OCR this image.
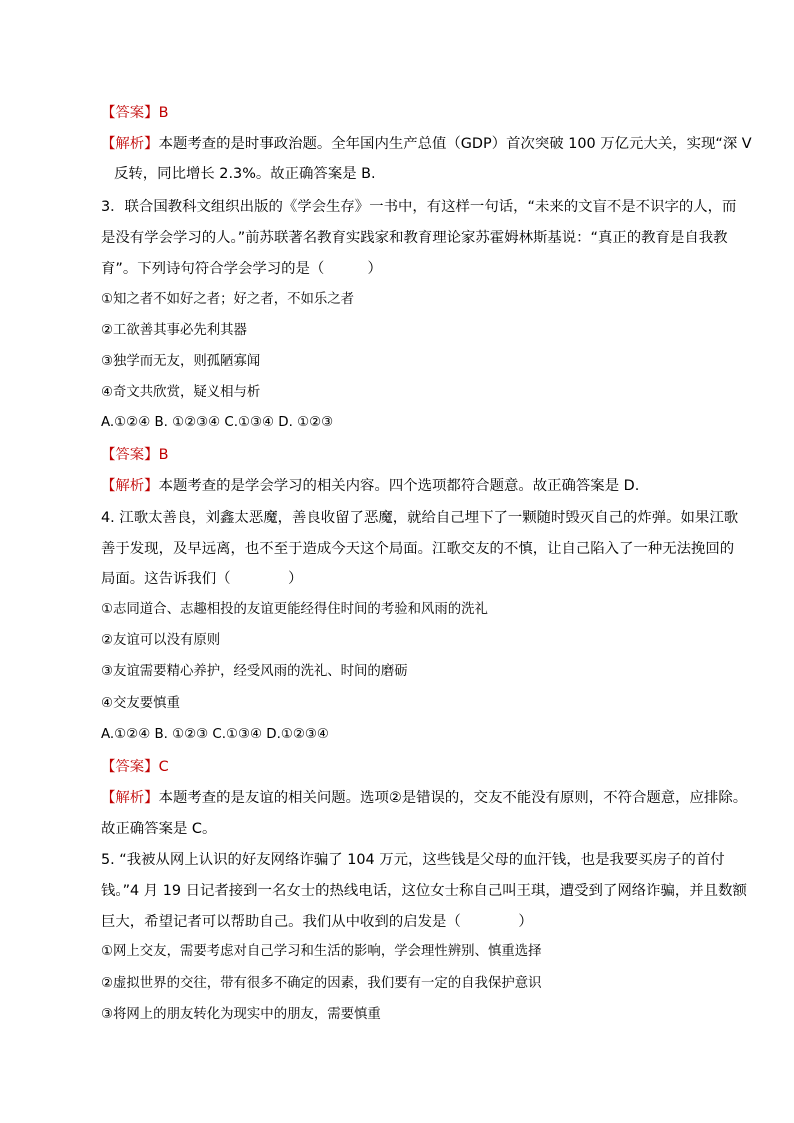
【答案】B
【解析】本题考查的是时事政治题。全年国内生产总值（GDP）首次突破 100 万亿元大关，实现“深 V
反转，同比增长 2.3%。故正确答案是 B.
3．联合国教科文组织出版的《学会生存》一书中，有这样一句话，“未来的文盲不是不识字的人，而
是没有学会学习的人。”前苏联著名教育实践家和教育理论家苏霍姆林斯基说：“真正的教育是自我教
育”。下列诗句符合学会学习的是（　　　）
①知之者不如好之者；好之者，不如乐之者
②工欲善其事必先利其器
③独学而无友，则孤陋寡闻
④奇文共欣赏，疑义相与析
A.①②④ B. ①②③④ C.①③④ D. ①②③
【答案】B
【解析】本题考查的是学会学习的相关内容。四个选项都符合题意。故正确答案是 D.
4. 江歌太善良，刘鑫太恶魔，善良收留了恶魔，就给自己埋下了一颗随时毁灭自己的炸弹。如果江歌
善于发现，及早远离，也不至于造成今天这个局面。江歌交友的不慎，让自己陷入了一种无法挽回的
局面。这告诉我们（　　　　）
①志同道合、志趣相投的友谊更能经得住时间的考验和风雨的洗礼
②友谊可以没有原则
③友谊需要精心养护，经受风雨的洗礼、时间的磨砺
④交友要慎重
A.①②④ B. ①②③ C.①③④ D.①②③④
【答案】C
【解析】本题考查的是友谊的相关问题。选项②是错误的，交友不能没有原则，不符合题意，应排除。
故正确答案是 C。
5. “我被从网上认识的好友网络诈骗了 104 万元，这些钱是父母的血汗钱，也是我要买房子的首付
钱。”4 月 19 日记者接到一名女士的热线电话，这位女士称自己叫王琪，遭受到了网络诈骗，并且数额
巨大，希望记者可以帮助自己。我们从中收到的启发是（　　　　）
①网上交友，需要考虑对自己学习和生活的影响，学会理性辨别、慎重选择
②虚拟世界的交往，带有很多不确定的因素，我们要有一定的自我保护意识
③将网上的朋友转化为现实中的朋友，需要慎重
